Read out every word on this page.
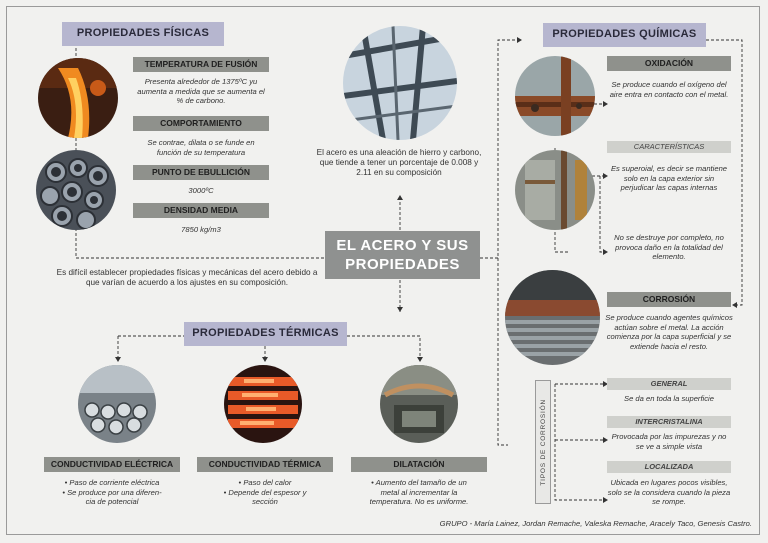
PROPIEDADES FÍSICAS
TEMPERATURA DE FUSIÓN
Presenta alrededor de 1375ºC yu aumenta a medida que se aumenta el % de carbono.
COMPORTAMIENTO
Se contrae, dilata o se funde en función de su temperatura
PUNTO DE EBULLICIÓN
3000ºC
DENSIDAD MEDIA
7850 kg/m3
El acero es una aleación de hierro y carbono, que tiende a tener un porcentaje de 0.008 y 2.11 en su composición
EL ACERO Y SUS PROPIEDADES
Es difícil establecer propiedades físicas y mecánicas del acero debido a que varían de acuerdo a los ajustes en su composición.
PROPIEDADES TÉRMICAS
CONDUCTIVIDAD ELÉCTRICA
• Paso de corriente eléctrica
• Se produce por una diferen-
cia de potencial
CONDUCTIVIDAD TÉRMICA
• Paso del calor
• Depende del espesor y
sección
DILATACIÓN
• Aumento del tamaño de un
metal al incrementar la
temperatura. No es uniforme.
PROPIEDADES QUÍMICAS
OXIDACIÓN
Se produce cuando el oxígeno del aire entra en contacto con el metal.
CARACTERÍSTICAS
Es superoial, es decir se mantiene solo en la capa exterior sin perjudicar las capas internas
No se destruye por completo, no provoca daño en la totalidad del elemento.
CORROSIÓN
Se produce cuando agentes químicos actúan sobre el metal. La acción comienza por la capa superficial y se extiende hacia el resto.
TIPOS DE CORROSIÓN
GENERAL
Se da en toda la superficie
INTERCRISTALINA
Provocada por las impurezas y no se ve a simple vista
LOCALIZADA
Ubicada en lugares pocos visibles, solo se la considera cuando la pieza se rompe.
GRUPO - María Lainez, Jordan Remache, Valeska Remache, Aracely Taco, Genesis Castro.
